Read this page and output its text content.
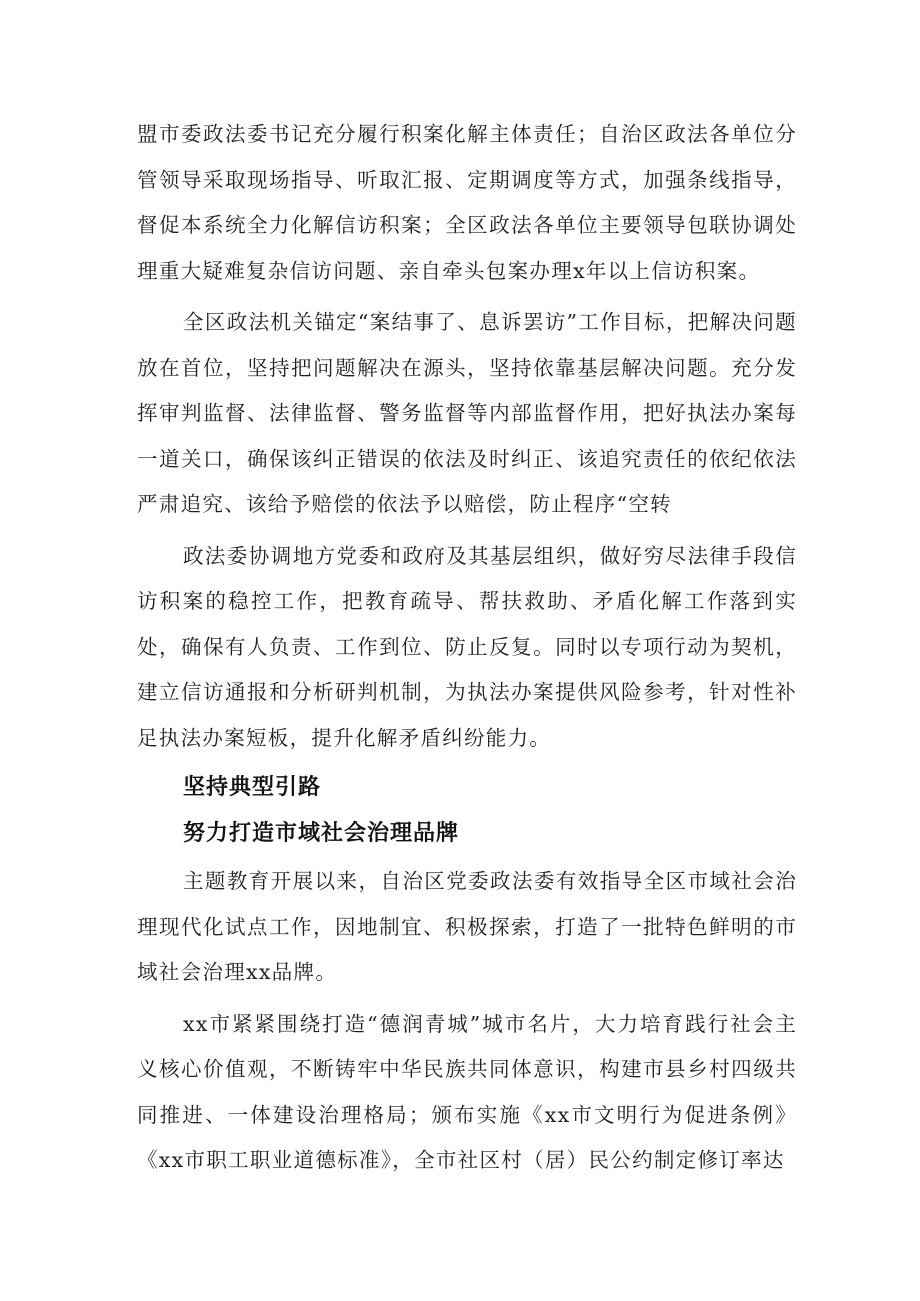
盟市委政法委书记充分履行积案化解主体责任；自治区政法各单位分管领导采取现场指导、听取汇报、定期调度等方式，加强条线指导，督促本系统全力化解信访积案；全区政法各单位主要领导包联协调处理重大疑难复杂信访问题、亲自牵头包案办理x年以上信访积案。

全区政法机关锚定“案结事了、息诉罢访”工作目标，把解决问题放在首位，坚持把问题解决在源头，坚持依靠基层解决问题。充分发挥审判监督、法律监督、警务监督等内部监督作用，把好执法办案每一道关口，确保该纠正错误的依法及时纠正、该追究责任的依纪依法严肃追究、该给予赔偿的依法予以赔偿，防止程序“空转

政法委协调地方党委和政府及其基层组织，做好穷尽法律手段信访积案的稳控工作，把教育疏导、帮扶救助、矛盾化解工作落到实处，确保有人负责、工作到位、防止反复。同时以专项行动为契机，建立信访通报和分析研判机制，为执法办案提供风险参考，针对性补足执法办案短板，提升化解矛盾纠纷能力。

坚持典型引路

努力打造市域社会治理品牌

主题教育开展以来，自治区党委政法委有效指导全区市域社会治理现代化试点工作，因地制宜、积极探索，打造了一批特色鲜明的市域社会治理xx品牌。

xx市紧紧围绕打造“德润青城”城市名片，大力培育践行社会主义核心价值观，不断铸牢中华民族共同体意识，构建市县乡村四级共同推进、一体建设治理格局；颁布实施《xx市文明行为促进条例》《xx市职工职业道德标准》，全市社区村（居）民公约制定修订率达
